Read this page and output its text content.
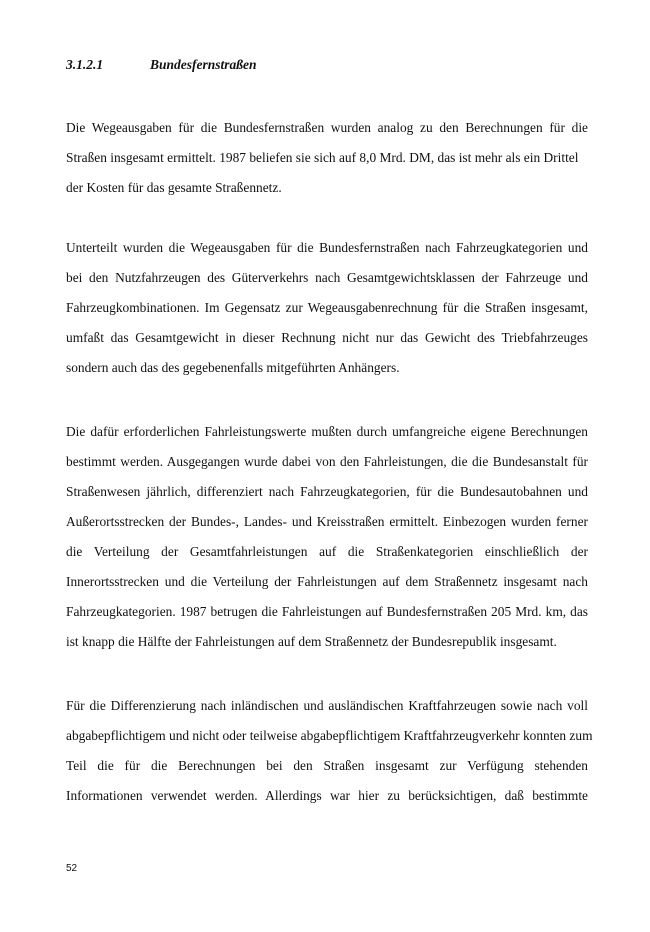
3.1.2.1	Bundesfernstraßen
Die Wegeausgaben für die Bundesfernstraßen wurden analog zu den Berechnungen für die
Straßen insgesamt ermittelt. 1987 beliefen sie sich auf 8,0 Mrd. DM, das ist mehr als ein Drittel
der Kosten für das gesamte Straßennetz.
Unterteilt wurden die Wegeausgaben für die Bundesfernstraßen nach Fahrzeugkategorien und
bei den Nutzfahrzeugen des Güterverkehrs nach Gesamtgewichtsklassen der Fahrzeuge und
Fahrzeugkombinationen. Im Gegensatz zur Wegeausgabenrechnung für die Straßen insgesamt,
umfaßt das Gesamtgewicht in dieser Rechnung nicht nur das Gewicht des Triebfahrzeuges
sondern auch das des gegebenenfalls mitgeführten Anhängers.
Die dafür erforderlichen Fahrleistungswerte mußten durch umfangreiche eigene Berechnungen
bestimmt werden. Ausgegangen wurde dabei von den Fahrleistungen, die die Bundesanstalt für
Straßenwesen jährlich, differenziert nach Fahrzeugkategorien, für die Bundesautobahnen und
Außerortsstrecken der Bundes-, Landes- und Kreisstraßen ermittelt. Einbezogen wurden ferner
die Verteilung der Gesamtfahrleistungen auf die Straßenkategorien einschließlich der
Innerortsstrecken und die Verteilung der Fahrleistungen auf dem Straßennetz insgesamt nach
Fahrzeugkategorien. 1987 betrugen die Fahrleistungen auf Bundesfernstraßen 205 Mrd. km, das
ist knapp die Hälfte der Fahrleistungen auf dem Straßennetz der Bundesrepublik insgesamt.
Für die Differenzierung nach inländischen und ausländischen Kraftfahrzeugen sowie nach voll
abgabepflichtigem und nicht oder teilweise abgabepflichtigem Kraftfahrzeugverkehr konnten zum
Teil die für die Berechnungen bei den Straßen insgesamt zur Verfügung stehenden
Informationen verwendet werden. Allerdings war hier zu berücksichtigen, daß bestimmte
52
